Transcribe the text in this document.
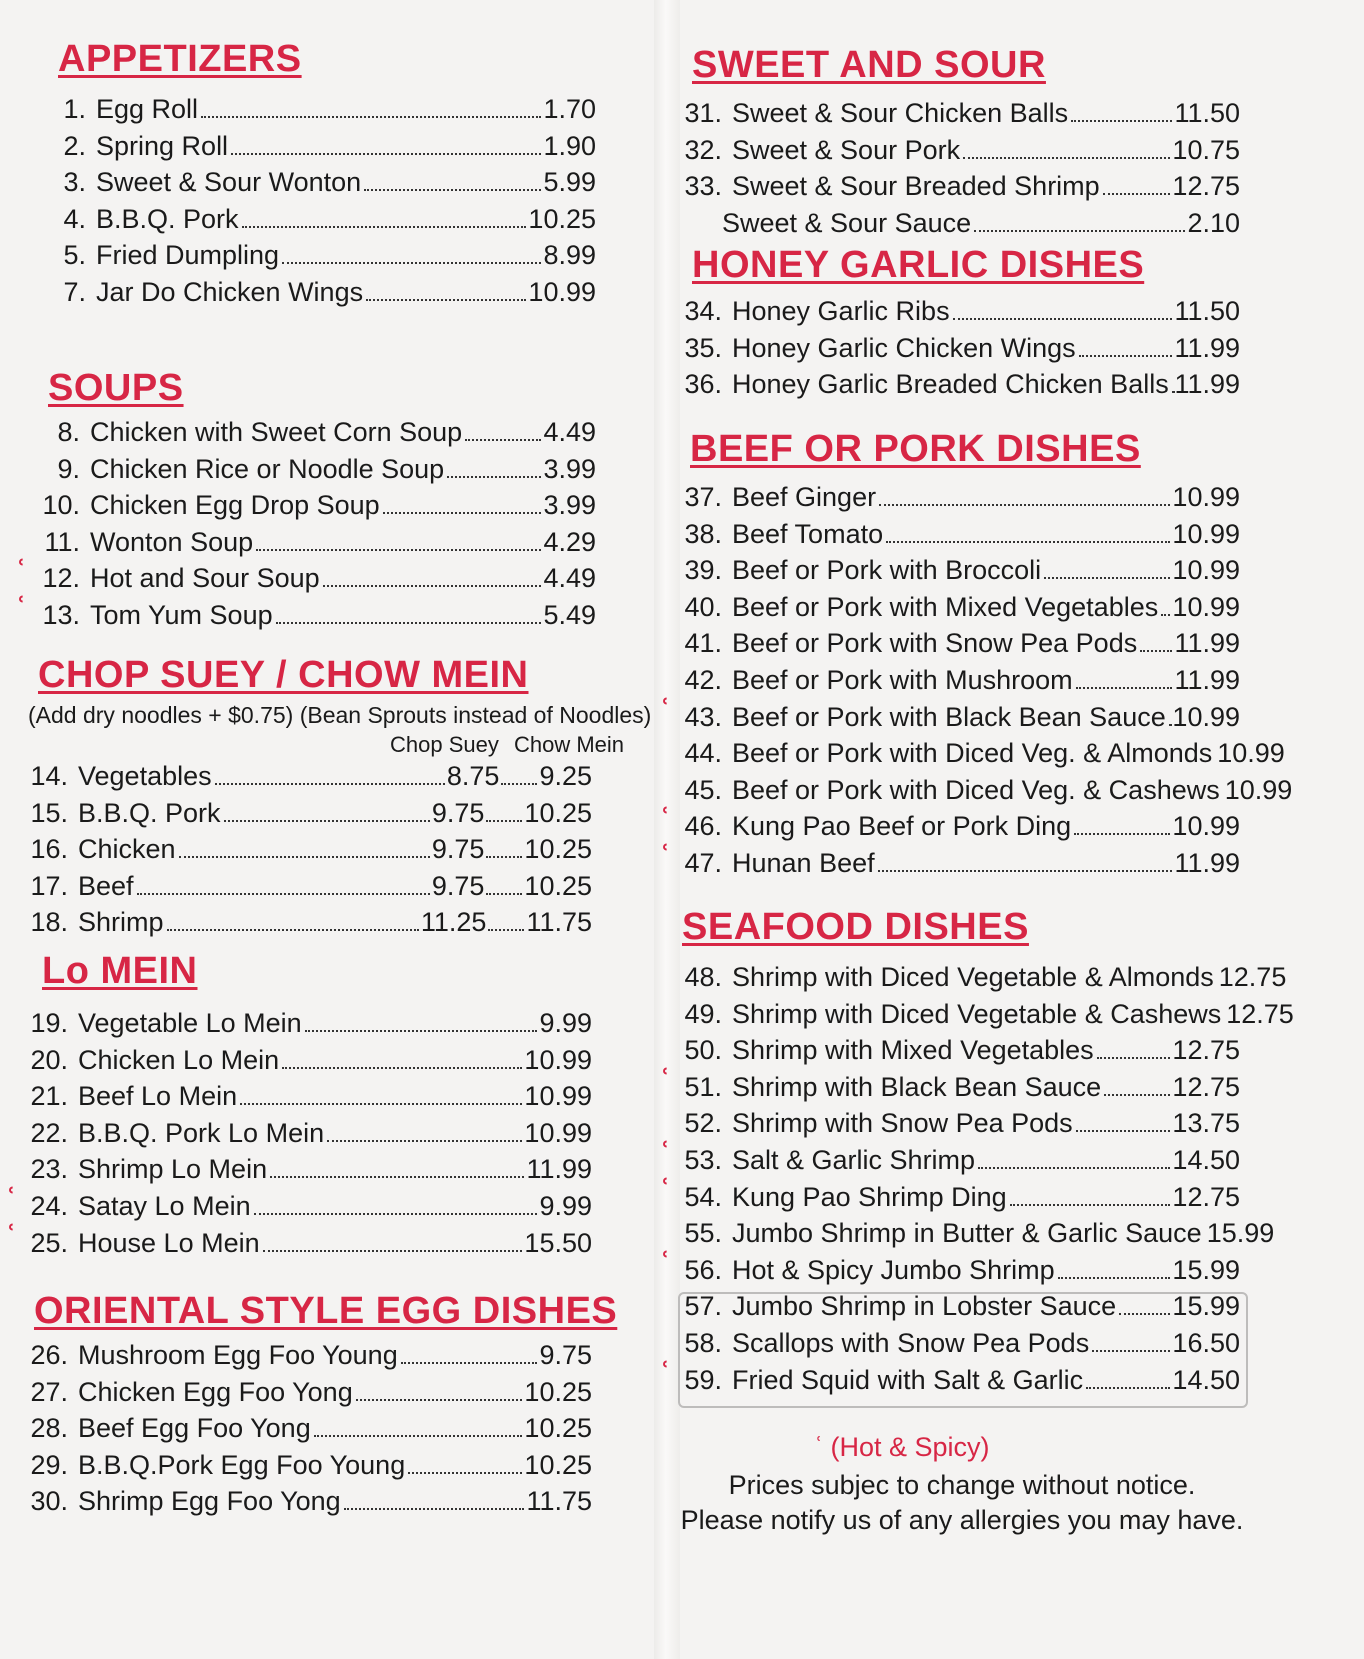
APPETIZERS
1. Egg Roll	1.70
2. Spring Roll	1.90
3. Sweet & Sour Wonton	5.99
4. B.B.Q. Pork	10.25
5. Fried Dumpling	8.99
7. Jar Do Chicken Wings	10.99
SOUPS
8. Chicken with Sweet Corn Soup	4.49
9. Chicken Rice or Noodle Soup	3.99
10. Chicken Egg Drop Soup	3.99
11. Wonton Soup	4.29
12. Hot and Sour Soup	4.49
ʿ
13. Tom Yum Soup	5.49
ʿ
CHOP SUEY / CHOW MEIN
(Add dry noodles + $0.75) (Bean Sprouts instead of Noodles)
Chop Suey Chow Mein
14. Vegetables	8.75 9.25
15. B.B.Q. Pork	9.75 10.25
16. Chicken	9.75 10.25
17. Beef	9.75 10.25
18. Shrimp	11.25 11.75
Lo MEIN
19. Vegetable Lo Mein	9.99
20. Chicken Lo Mein	10.99
21. Beef Lo Mein	10.99
22. B.B.Q. Pork Lo Mein	10.99
23. Shrimp Lo Mein	11.99
24. Satay Lo Mein	9.99
ʿ
25. House Lo Mein	15.50
ʿ
ORIENTAL STYLE EGG DISHES
26. Mushroom Egg Foo Young	9.75
27. Chicken Egg Foo Yong	10.25
28. Beef Egg Foo Yong	10.25
29. B.B.Q.Pork Egg Foo Young	10.25
30. Shrimp Egg Foo Yong	11.75
SWEET AND SOUR
31. Sweet & Sour Chicken Balls	11.50
32. Sweet & Sour Pork	10.75
33. Sweet & Sour Breaded Shrimp	12.75
Sweet & Sour Sauce	2.10
HONEY GARLIC DISHES
34. Honey Garlic Ribs	11.50
35. Honey Garlic Chicken Wings	11.99
36. Honey Garlic Breaded Chicken Balls 11.99
BEEF OR PORK DISHES
37. Beef Ginger	10.99
38. Beef Tomato	10.99
39. Beef or Pork with Broccoli	10.99
40. Beef or Pork with Mixed Vegetables 10.99
41. Beef or Pork with Snow Pea Pods 11.99
42. Beef or Pork with Mushroom	11.99
43. Beef or Pork with Black Bean Sauce 10.99
ʿ
44. Beef or Pork with Diced Veg. & Almonds 10.99
45. Beef or Pork with Diced Veg. & Cashews 10.99
46. Kung Pao Beef or Pork Ding	10.99
ʿ
47. Hunan Beef	11.99
ʿ
SEAFOOD DISHES
48. Shrimp with Diced Vegetable & Almonds 12.75
49. Shrimp with Diced Vegetable & Cashews 12.75
50. Shrimp with Mixed Vegetables	12.75
51. Shrimp with Black Bean Sauce	12.75
ʿ
52. Shrimp with Snow Pea Pods	13.75
53. Salt & Garlic Shrimp	14.50
ʿ
54. Kung Pao Shrimp Ding	12.75
ʿ
55. Jumbo Shrimp in Butter & Garlic Sauce 15.99
56. Hot & Spicy Jumbo Shrimp	15.99
ʿ
57. Jumbo Shrimp in Lobster Sauce 15.99
58. Scallops with Snow Pea Pods	16.50
59. Fried Squid with Salt & Garlic	14.50
ʿ
ʿ (Hot & Spicy)
Prices subjec to change without notice.
Please notify us of any allergies you may have.
